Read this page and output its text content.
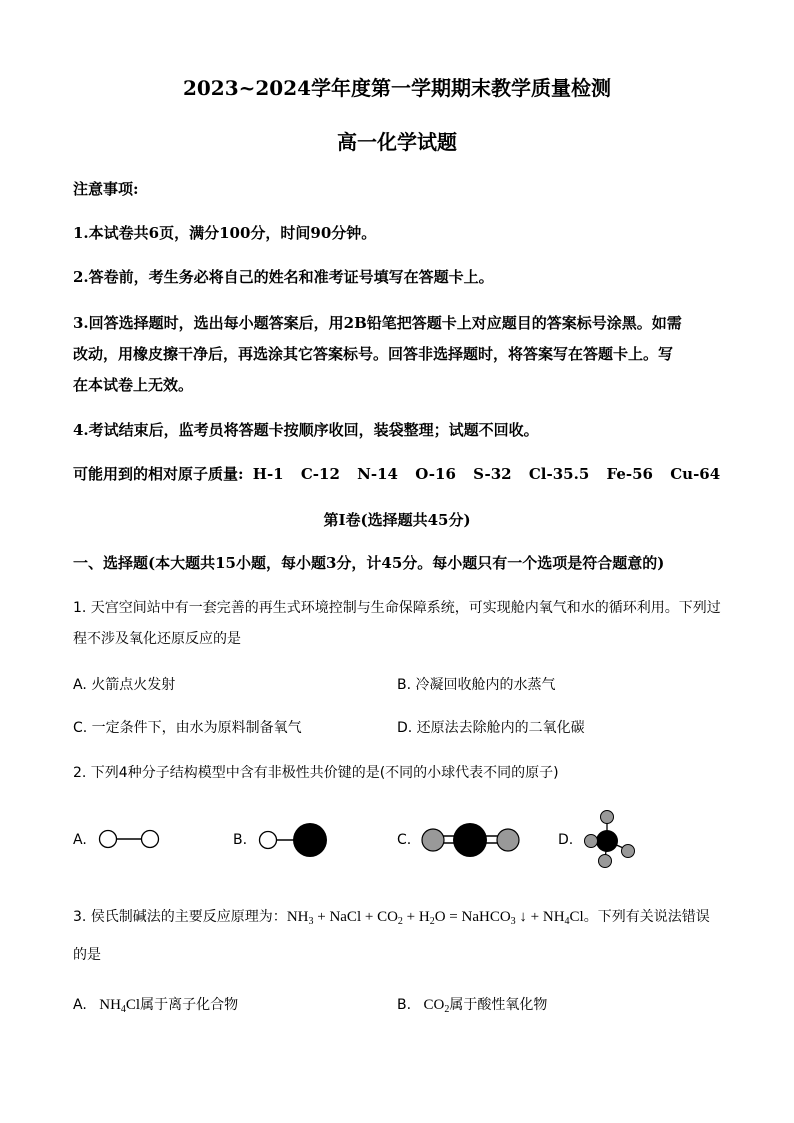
2023~2024学年度第一学期期末教学质量检测
高一化学试题
注意事项:
1.本试卷共6页，满分100分，时间90分钟。
2.答卷前，考生务必将自己的姓名和准考证号填写在答题卡上。
3.回答选择题时，选出每小题答案后，用2B铅笔把答题卡上对应题目的答案标号涂黑。如需
改动，用橡皮擦干净后，再选涂其它答案标号。回答非选择题时，将答案写在答题卡上。写
在本试卷上无效。
4.考试结束后，监考员将答题卡按顺序收回，装袋整理；试题不回收。
可能用到的相对原子质量: H-1 C-12 N-14 O-16 S-32 Cl-35.5 Fe-56 Cu-64
第Ⅰ卷(选择题共45分)
一、选择题(本大题共15小题，每小题3分，计45分。每小题只有一个选项是符合题意的)
1. 天宫空间站中有一套完善的再生式环境控制与生命保障系统，可实现舱内氧气和水的循环利用。下列过
程不涉及氧化还原反应的是
A. 火箭点火发射	B. 冷凝回收舱内的水蒸气
C. 一定条件下，由水为原料制备氧气	D. 还原法去除舱内的二氧化碳
2. 下列4种分子结构模型中含有非极性共价键的是(不同的小球代表不同的原子)
A.	B.	C.	D.
3. 侯氏制碱法的主要反应原理为：$NH_3$ + NaCl + $CO_2 + H_2O$ = NaHCO$_3$ ↓ + $NH_4Cl$。下列有关说法错误
的是
A. $NH_4Cl$属于离子化合物	B. $CO_2$属于酸性氧化物
